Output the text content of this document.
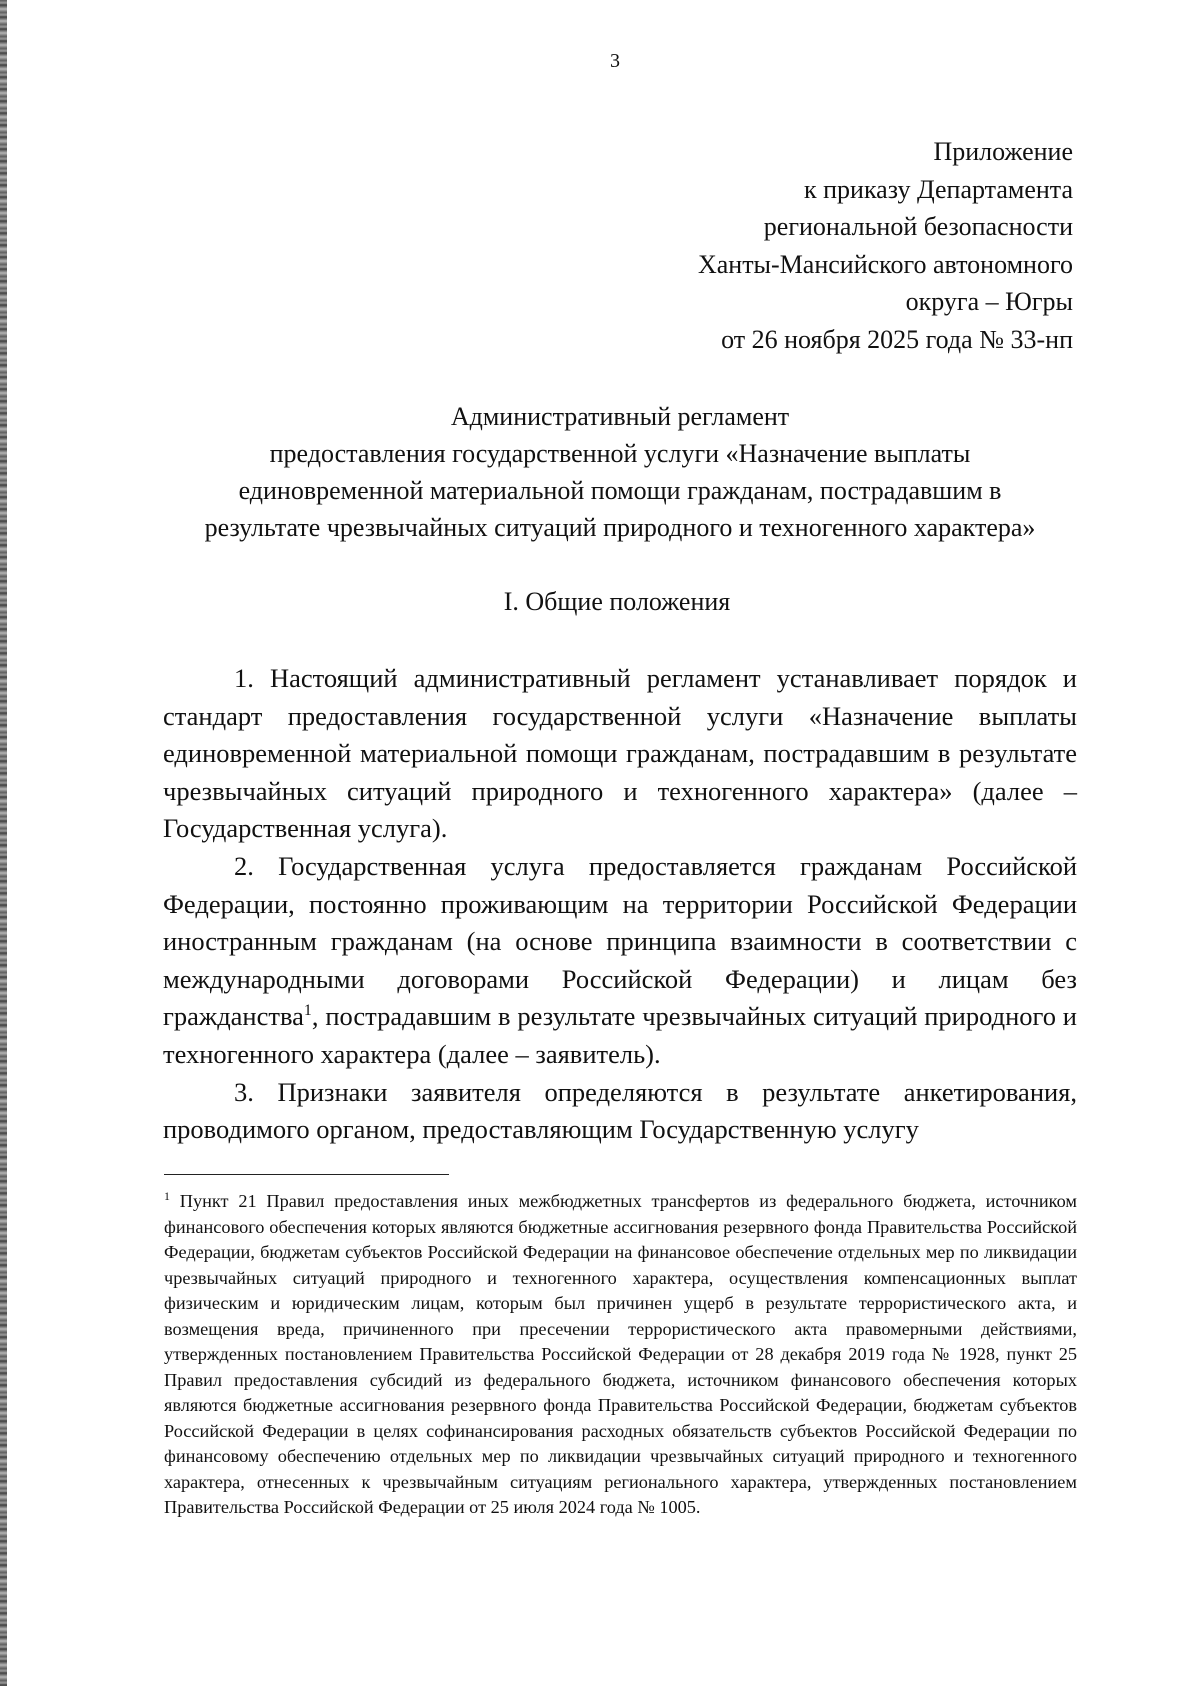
3
Приложение
к приказу Департамента
региональной безопасности
Ханты-Мансийского автономного
округа – Югры
от 26 ноября 2025 года № 33-нп
Административный регламент
предоставления государственной услуги «Назначение выплаты
единовременной материальной помощи гражданам, пострадавшим в
результате чрезвычайных ситуаций природного и техногенного характера»
I. Общие положения

1. Настоящий административный регламент устанавливает порядок и стандарт предоставления государственной услуги «Назначение выплаты единовременной материальной помощи гражданам, пострадавшим в результате чрезвычайных ситуаций природного и техногенного характера» (далее – Государственная услуга).

2. Государственная услуга предоставляется гражданам Российской Федерации, постоянно проживающим на территории Российской Федерации иностранным гражданам (на основе принципа взаимности в соответствии с международными договорами Российской Федерации) и лицам без гражданства$^1$, пострадавшим в результате чрезвычайных ситуаций природного и техногенного характера (далее – заявитель).

3. Признаки заявителя определяются в результате анкетирования, проводимого органом, предоставляющим Государственную услугу

$^1$ Пункт 21 Правил предоставления иных межбюджетных трансфертов из федерального бюджета, источником финансового обеспечения которых являются бюджетные ассигнования резервного фонда Правительства Российской Федерации, бюджетам субъектов Российской Федерации на финансовое обеспечение отдельных мер по ликвидации чрезвычайных ситуаций природного и техногенного характера, осуществления компенсационных выплат физическим и юридическим лицам, которым был причинен ущерб в результате террористического акта, и возмещения вреда, причиненного при пресечении террористического акта правомерными действиями, утвержденных постановлением Правительства Российской Федерации от 28 декабря 2019 года № 1928, пункт 25 Правил предоставления субсидий из федерального бюджета, источником финансового обеспечения которых являются бюджетные ассигнования резервного фонда Правительства Российской Федерации, бюджетам субъектов Российской Федерации в целях софинансирования расходных обязательств субъектов Российской Федерации по финансовому обеспечению отдельных мер по ликвидации чрезвычайных ситуаций природного и техногенного характера, отнесенных к чрезвычайным ситуациям регионального характера, утвержденных постановлением Правительства Российской Федерации от 25 июля 2024 года № 1005.
